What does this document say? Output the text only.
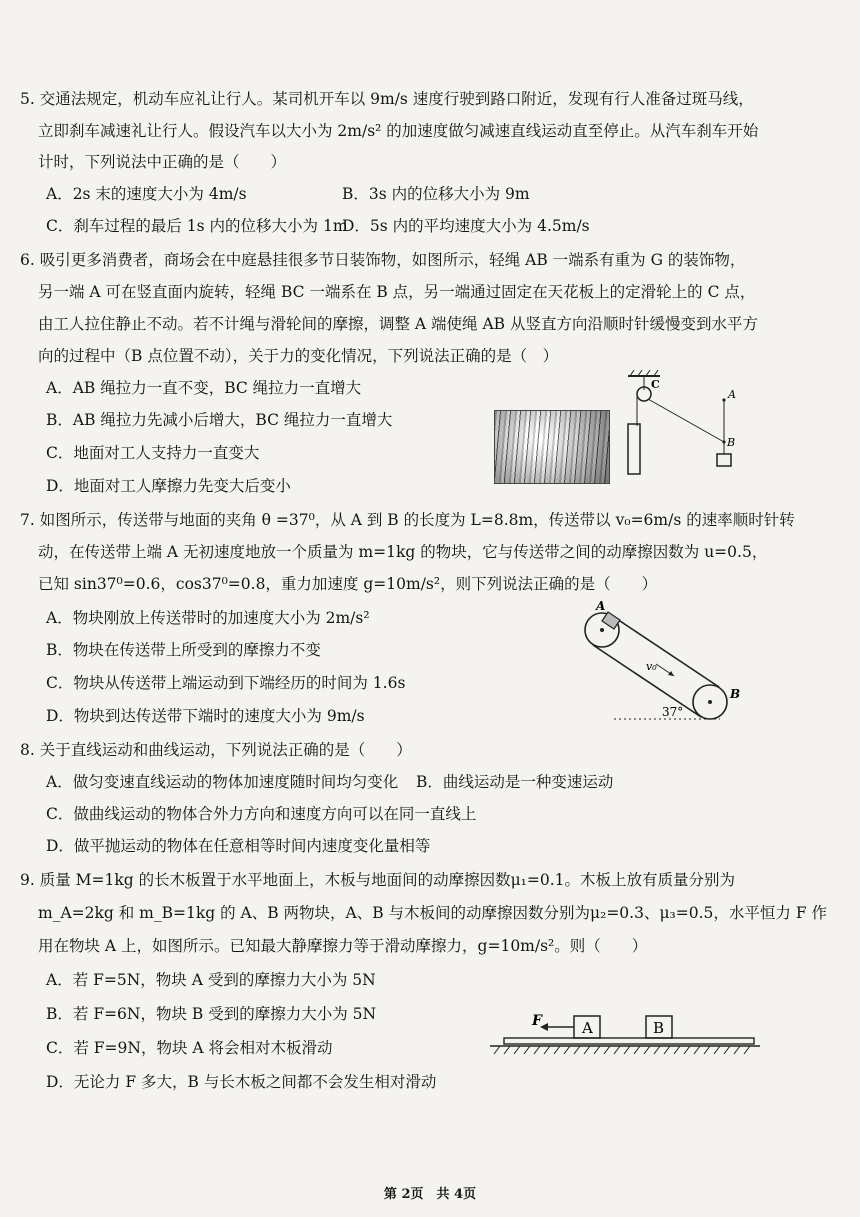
5. 交通法规定，机动车应礼让行人。某司机开车以 9m/s 速度行驶到路口附近，发现有行人准备过斑马线，
立即刹车减速礼让行人。假设汽车以大小为 2m/s² 的加速度做匀减速直线运动直至停止。从汽车刹车开始
计时，下列说法中正确的是（　　）
A．2s 末的速度大小为 4m/s	B．3s 内的位移大小为 9m
C．刹车过程的最后 1s 内的位移大小为 1m
D．5s 内的平均速度大小为 4.5m/s
6. 吸引更多消费者，商场会在中庭悬挂很多节日装饰物，如图所示，轻绳 AB 一端系有重为 G 的装饰物，
另一端 A 可在竖直面内旋转，轻绳 BC 一端系在 B 点，另一端通过固定在天花板上的定滑轮上的 C 点，
由工人拉住静止不动。若不计绳与滑轮间的摩擦，调整 A 端使绳 AB 从竖直方向沿顺时针缓慢变到水平方
向的过程中（B 点位置不动），关于力的变化情况，下列说法正确的是（　）
A．AB 绳拉力一直不变，BC 绳拉力一直增大
B．AB 绳拉力先减小后增大，BC 绳拉力一直增大
C．地面对工人支持力一直变大
D．地面对工人摩擦力先变大后变小
C
A
B
7. 如图所示，传送带与地面的夹角 θ =37⁰，从 A 到 B 的长度为 L=8.8m，传送带以 v₀=6m/s 的速率顺时针转
动，在传送带上端 A 无初速度地放一个质量为 m=1kg 的物块，它与传送带之间的动摩擦因数为 u=0.5，
已知 sin37⁰=0.6，cos37⁰=0.8，重力加速度 g=10m/s²，则下列说法正确的是（　　）
A．物块刚放上传送带时的加速度大小为 2m/s²
B．物块在传送带上所受到的摩擦力不变
C．物块从传送带上端运动到下端经历的时间为 1.6s
D．物块到达传送带下端时的速度大小为 9m/s
A
B
v₀
37°
8. 关于直线运动和曲线运动，下列说法正确的是（　　）
A．做匀变速直线运动的物体加速度随时间均匀变化 B．曲线运动是一种变速运动
C．做曲线运动的物体合外力方向和速度方向可以在同一直线上
D．做平抛运动的物体在任意相等时间内速度变化量相等
9. 质量 M=1kg 的长木板置于水平地面上，木板与地面间的动摩擦因数μ₁=0.1。木板上放有质量分别为
m_A=2kg 和 m_B=1kg 的 A、B 两物块，A、B 与木板间的动摩擦因数分别为μ₂=0.3、μ₃=0.5，水平恒力 F 作
用在物块 A 上，如图所示。已知最大静摩擦力等于滑动摩擦力，g=10m/s²。则（　　）
A．若 F=5N，物块 A 受到的摩擦力大小为 5N
B．若 F=6N，物块 B 受到的摩擦力大小为 5N
C．若 F=9N，物块 A 将会相对木板滑动
D．无论力 F 多大，B 与长木板之间都不会发生相对滑动
A	B
F
第 2页　共 4页
